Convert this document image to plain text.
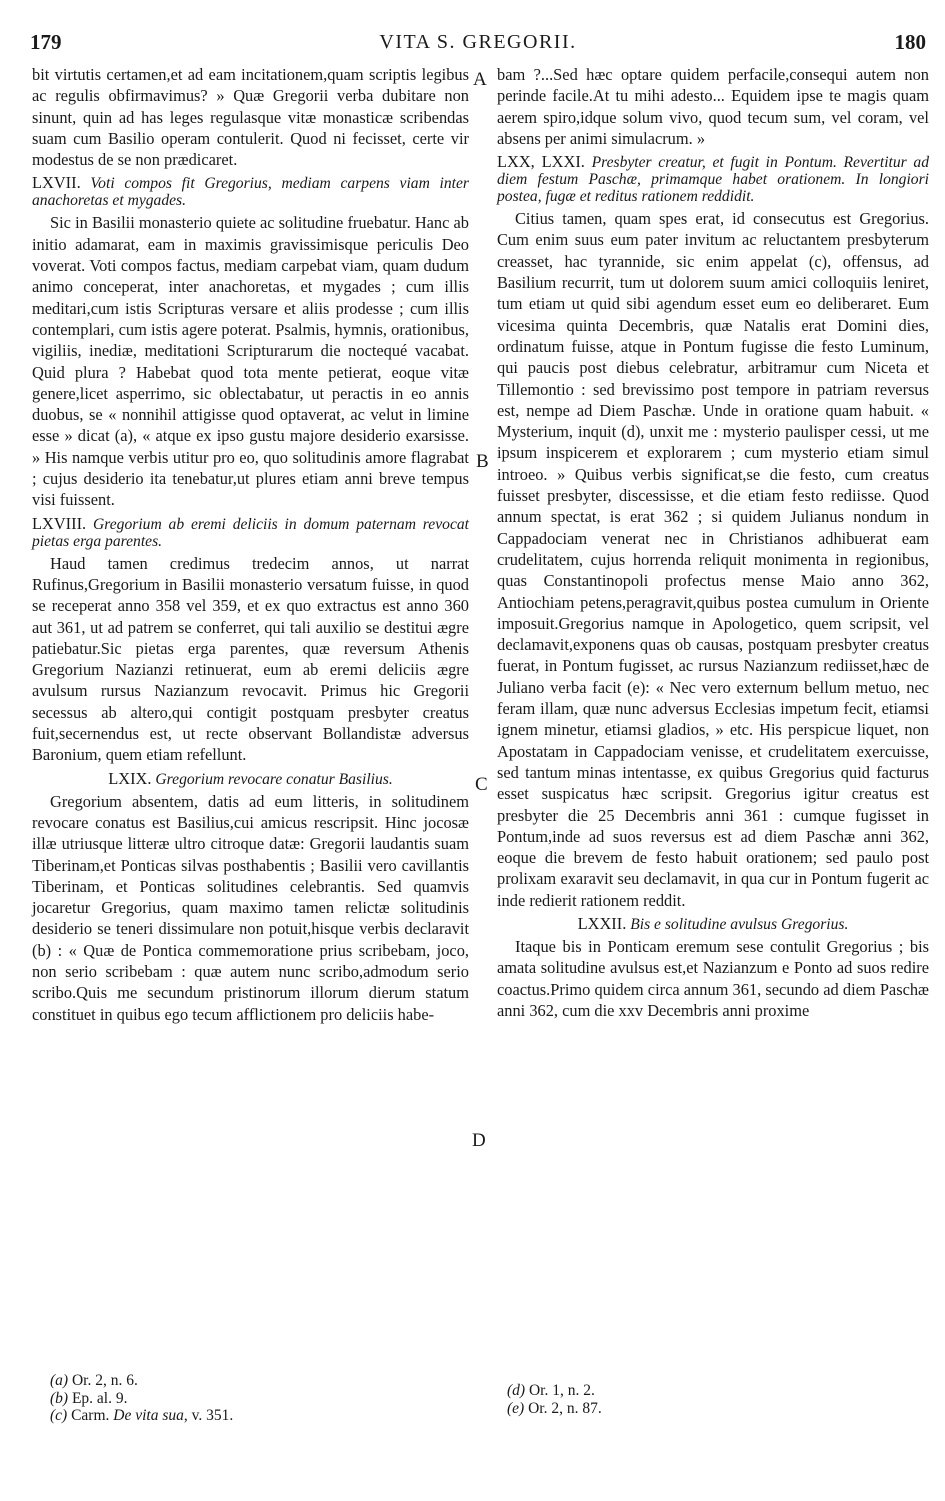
179	VITA S. GREGORII.	180
A
B
C
D

bit virtutis certamen,et ad eam incitationem,quam scriptis legibus ac regulis obfirmavimus? » Quæ Gregorii verba dubitare non sinunt, quin ad has leges regulasque vitæ monasticæ scribendas suam cum Basilio operam contulerit. Quod ni fecisset, certe vir modestus de se non prædicaret.

LXVII. Voti compos fit Gregorius, mediam carpens viam inter anachoretas et mygades.

Sic in Basilii monasterio quiete ac solitudine fruebatur. Hanc ab initio adamarat, eam in maximis gravissimisque periculis Deo voverat. Voti compos factus, mediam carpebat viam, quam dudum animo conceperat, inter anachoretas, et mygades ; cum illis meditari,cum istis Scripturas versare et aliis prodesse ; cum illis contemplari, cum istis agere poterat. Psalmis, hymnis, orationibus, vigiliis, inediæ, meditationi Scripturarum die noctequé vacabat. Quid plura ? Habebat quod tota mente petierat, eoque vitæ genere,licet asperrimo, sic oblectabatur, ut peractis in eo annis duobus, se « nonnihil attigisse quod optaverat, ac velut in limine esse » dicat (a), « atque ex ipso gustu majore desiderio exarsisse. » His namque verbis utitur pro eo, quo solitudinis amore flagrabat ; cujus desiderio ita tenebatur,ut plures etiam anni breve tempus visi fuissent.

LXVIII. Gregorium ab eremi deliciis in domum paternam revocat pietas erga parentes.

Haud tamen credimus tredecim annos, ut narrat Rufinus,Gregorium in Basilii monasterio versatum fuisse, in quod se receperat anno 358 vel 359, et ex quo extractus est anno 360 aut 361, ut ad patrem se conferret, qui tali auxilio se destitui ægre patiebatur.Sic pietas erga parentes, quæ reversum Athenis Gregorium Nazianzi retinuerat, eum ab eremi deliciis ægre avulsum rursus Nazianzum revocavit. Primus hic Gregorii secessus ab altero,qui contigit postquam presbyter creatus fuit,secernendus est, ut recte observant Bollandistæ adversus Baronium, quem etiam refellunt.

LXIX. Gregorium revocare conatur Basilius.

Gregorium absentem, datis ad eum litteris, in solitudinem revocare conatus est Basilius,cui amicus rescripsit. Hinc jocosæ illæ utriusque litteræ ultro citroque datæ: Gregorii laudantis suam Tiberinam,et Ponticas silvas posthabentis ; Basilii vero cavillantis Tiberinam, et Ponticas solitudines celebrantis. Sed quamvis jocaretur Gregorius, quam maximo tamen relictæ solitudinis desiderio se teneri dissimulare non potuit,hisque verbis declaravit (b) : « Quæ de Pontica commemoratione prius scribebam, joco, non serio scribebam : quæ autem nunc scribo,admodum serio scribo.Quis me secundum pristinorum illorum dierum statum constituet in quibus ego tecum afflictionem pro deliciis habe-

bam ?...Sed hæc optare quidem perfacile,consequi autem non perinde facile.At tu mihi adesto... Equidem ipse te magis quam aerem spiro,idque solum vivo, quod tecum sum, vel coram, vel absens per animi simulacrum. »

LXX, LXXI. Presbyter creatur, et fugit in Pontum. Revertitur ad diem festum Paschæ, primamque habet orationem. In longiori postea, fugæ et reditus rationem reddidit.

Citius tamen, quam spes erat, id consecutus est Gregorius. Cum enim suus eum pater invitum ac reluctantem presbyterum creasset, hac tyrannide, sic enim appelat (c), offensus, ad Basilium recurrit, tum ut dolorem suum amici colloquiis leniret, tum etiam ut quid sibi agendum esset eum eo deliberaret. Eum vicesima quinta Decembris, quæ Natalis erat Domini dies, ordinatum fuisse, atque in Pontum fugisse die festo Luminum, qui paucis post diebus celebratur, arbitramur cum Niceta et Tillemontio : sed brevissimo post tempore in patriam reversus est, nempe ad Diem Paschæ. Unde in oratione quam habuit. « Mysterium, inquit (d), unxit me : mysterio paulisper cessi, ut me ipsum inspicerem et explorarem ; cum mysterio etiam simul introeo. » Quibus verbis significat,se die festo, cum creatus fuisset presbyter, discessisse, et die etiam festo rediisse. Quod annum spectat, is erat 362 ; si quidem Julianus nondum in Cappadociam venerat nec in Christianos adhibuerat eam crudelitatem, cujus horrenda reliquit monimenta in regionibus, quas Constantinopoli profectus mense Maio anno 362, Antiochiam petens,peragravit,quibus postea cumulum in Oriente imposuit.Gregorius namque in Apologetico, quem scripsit, vel declamavit,exponens quas ob causas, postquam presbyter creatus fuerat, in Pontum fugisset, ac rursus Nazianzum rediisset,hæc de Juliano verba facit (e): « Nec vero externum bellum metuo, nec feram illam, quæ nunc adversus Ecclesias impetum fecit, etiamsi ignem minetur, etiamsi gladios, » etc. His perspicue liquet, non Apostatam in Cappadociam venisse, et crudelitatem exercuisse, sed tantum minas intentasse, ex quibus Gregorius quid facturus esset suspicatus hæc scripsit. Gregorius igitur creatus est presbyter die 25 Decembris anni 361 : cumque fugisset in Pontum,inde ad suos reversus est ad diem Paschæ anni 362, eoque die brevem de festo habuit orationem; sed paulo post prolixam exaravit seu declamavit, in qua cur in Pontum fugerit ac inde redierit rationem reddit.

LXXII. Bis e solitudine avulsus Gregorius.

Itaque bis in Ponticam eremum sese contulit Gregorius ; bis amata solitudine avulsus est,et Nazianzum e Ponto ad suos redire coactus.Primo quidem circa annum 361, secundo ad diem Paschæ anni 362, cum die xxv Decembris anni proxime

(a) Or. 2, n. 6.
(b) Ep. al. 9.
(c) Carm. De vita sua, v. 351.
(d) Or. 1, n. 2.
(e) Or. 2, n. 87.
